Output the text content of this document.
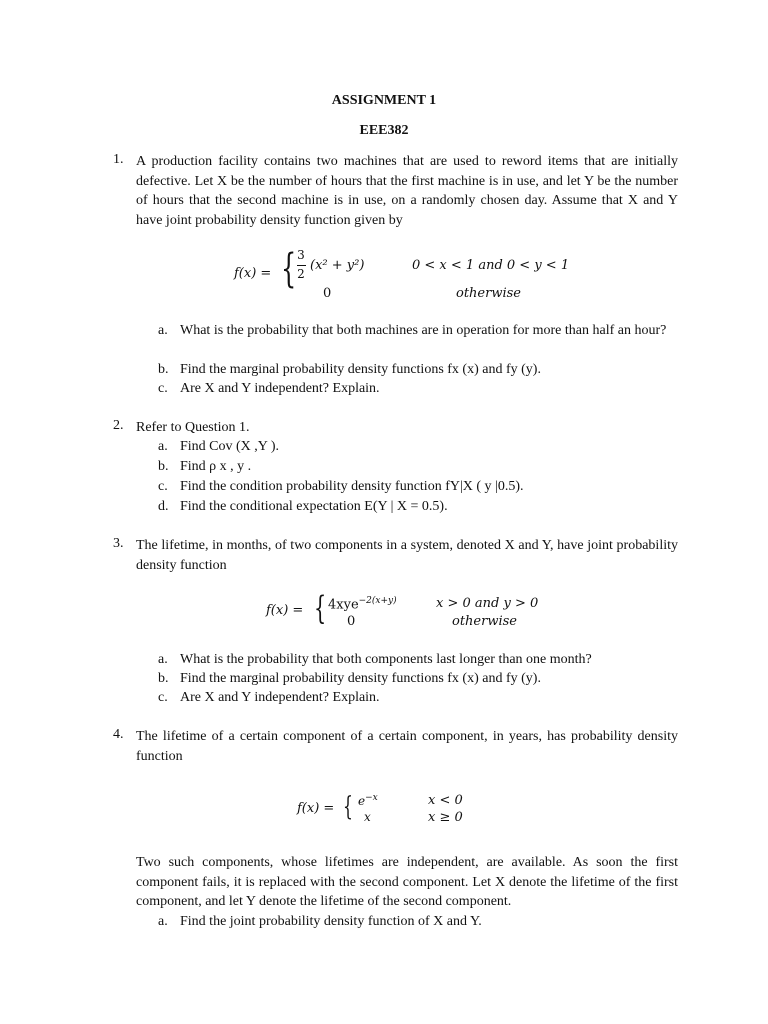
ASSIGNMENT 1
EEE382
1. A production facility contains two machines that are used to reword items that are initially defective. Let X be the number of hours that the first machine is in use, and let Y be the number of hours that the second machine is in use, on a randomly chosen day. Assume that X and Y have joint probability density function given by
f(x) = { 3
2
(x² + y²)	0 < x < 1 and 0 < y < 1
0	otherwise
a. What is the probability that both machines are in operation for more than half an hour?
b. Find the marginal probability density functions fx (x) and fy (y).
c. Are X and Y independent? Explain.
2. Refer to Question 1.
a. Find Cov (X ,Y ).
b. Find ρ x , y .
c. Find the condition probability density function fY|X ( y |0.5).
d. Find the conditional expectation E(Y | X = 0.5).
3. The lifetime, in months, of two components in a system, denoted X and Y, have joint probability density function
f(x) = { 4xye$^{-2(x+y)}$
0
x > 0 and y > 0
otherwise
a. What is the probability that both components last longer than one month?
b. Find the marginal probability density functions fx (x) and fy (y).
c. Are X and Y independent? Explain.
4. The lifetime of a certain component of a certain component, in years, has probability density function
f(x) = { $e^{-x}$
x
x < 0
x ≥ 0
Two such components, whose lifetimes are independent, are available. As soon the first component fails, it is replaced with the second component. Let X denote the lifetime of the first component, and let Y denote the lifetime of the second component.
a. Find the joint probability density function of X and Y.
